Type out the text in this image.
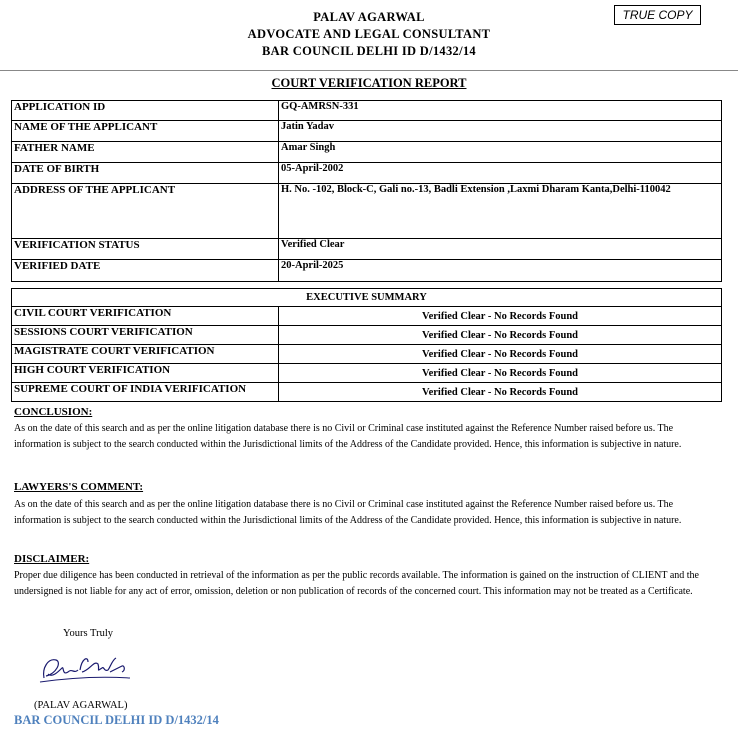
PALAV AGARWAL
ADVOCATE AND LEGAL CONSULTANT
BAR COUNCIL DELHI ID D/1432/14
TRUE COPY
COURT VERIFICATION REPORT
APPLICATION ID	GQ-AMRSN-331
NAME OF THE APPLICANT	Jatin Yadav
FATHER NAME	Amar Singh
DATE OF BIRTH	05-April-2002
ADDRESS OF THE APPLICANT	H. No. -102, Block-C, Gali no.-13, Badli Extension ,Laxmi Dharam Kanta,Delhi-110042
VERIFICATION STATUS	Verified Clear
VERIFIED DATE	20-April-2025
EXECUTIVE SUMMARY	
CIVIL COURT VERIFICATION	Verified Clear - No Records Found
SESSIONS COURT VERIFICATION	Verified Clear - No Records Found
MAGISTRATE COURT VERIFICATION	Verified Clear - No Records Found
HIGH COURT VERIFICATION	Verified Clear - No Records Found
SUPREME COURT OF INDIA VERIFICATION	Verified Clear - No Records Found
CONCLUSION:
As on the date of this search and as per the online litigation database there is no Civil or Criminal case instituted against the Reference Number raised before us. The information is subject to the search conducted within the Jurisdictional limits of the Address of the Candidate provided. Hence, this information is subjective in nature.
LAWYERS'S COMMENT:
As on the date of this search and as per the online litigation database there is no Civil or Criminal case instituted against the Reference Number raised before us. The information is subject to the search conducted within the Jurisdictional limits of the Address of the Candidate provided. Hence, this information is subjective in nature.
DISCLAIMER:
Proper due diligence has been conducted in retrieval of the information as per the public records available. The information is gained on the instruction of CLIENT and the undersigned is not liable for any act of error, omission, deletion or non publication of records of the concerned court. This information may not be treated as a Certificate.
Yours Truly
(PALAV AGARWAL)
BAR COUNCIL DELHI ID D/1432/14
